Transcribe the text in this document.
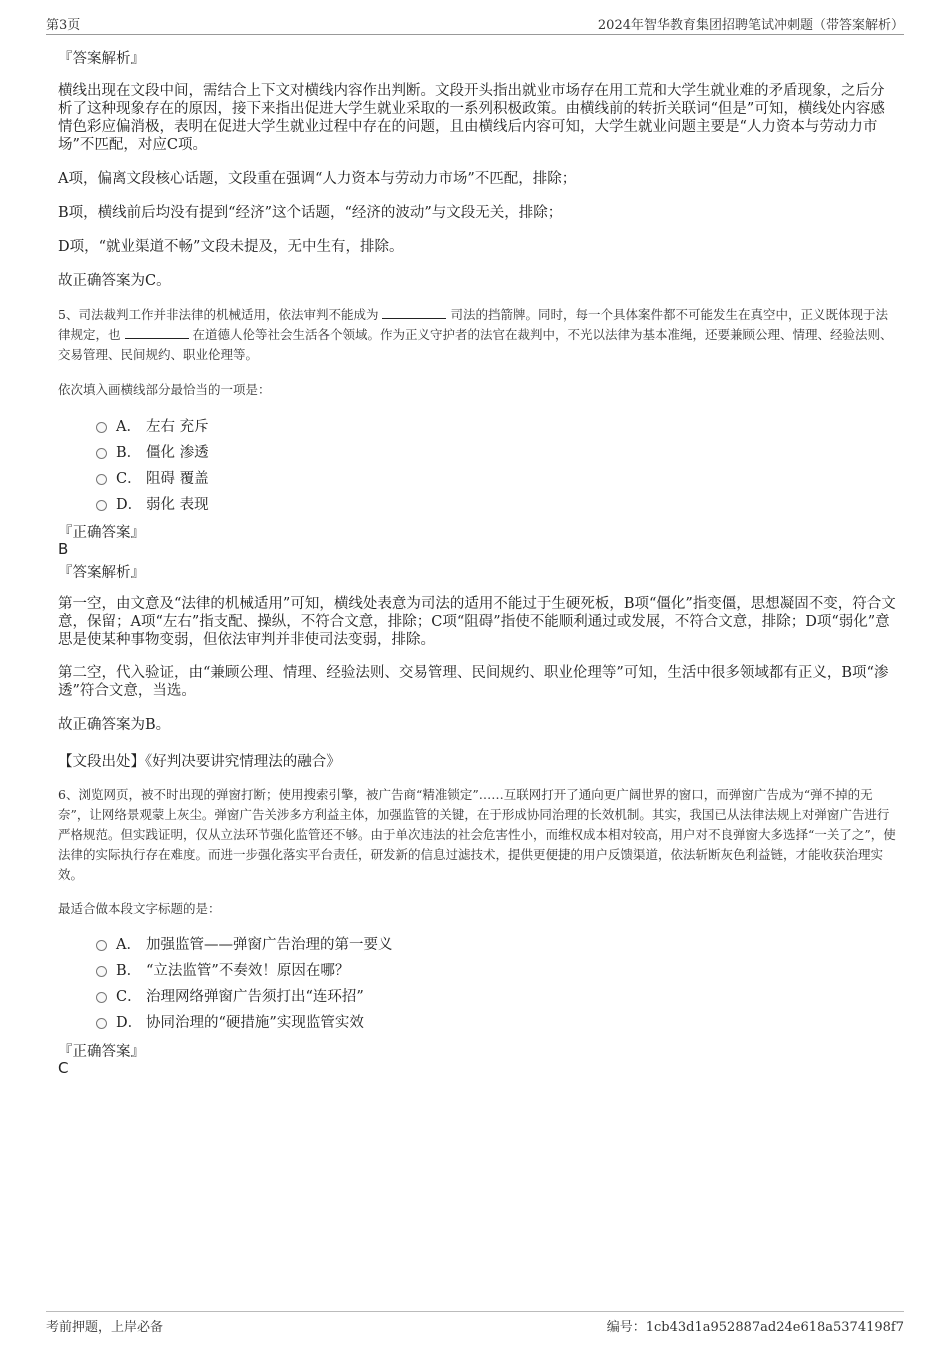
第3页	2024年智华教育集团招聘笔试冲刺题（带答案解析）
『答案解析』
横线出现在文段中间，需结合上下文对横线内容作出判断。文段开头指出就业市场存在用工荒和大学生就业难的矛盾现象，之后分析了这种现象存在的原因，接下来指出促进大学生就业采取的一系列积极政策。由横线前的转折关联词“但是”可知，横线处内容感情色彩应偏消极，表明在促进大学生就业过程中存在的问题，且由横线后内容可知，大学生就业问题主要是“人力资本与劳动力市场”不匹配，对应C项。
A项，偏离文段核心话题，文段重在强调“人力资本与劳动力市场”不匹配，排除；
B项，横线前后均没有提到“经济”这个话题，“经济的波动”与文段无关，排除；
D项，“就业渠道不畅”文段未提及，无中生有，排除。
故正确答案为C。
5、司法裁判工作并非法律的机械适用，依法审判不能成为	司法的挡箭牌。同时，每一个具体案件都不可能发生在真空中，正义既体现于法律规定，也	在道德人伦等社会生活各个领域。作为正义守护者的法官在裁判中，不光以法律为基本准绳，还要兼顾公理、情理、经验法则、交易管理、民间规约、职业伦理等。
依次填入画横线部分最恰当的一项是：
A． 左右 充斥
B． 僵化 渗透
C． 阻碍 覆盖
D． 弱化 表现
『正确答案』
B
『答案解析』
第一空，由文意及“法律的机械适用”可知，横线处表意为司法的适用不能过于生硬死板，B项“僵化”指变僵，思想凝固不变，符合文意，保留；A项“左右”指支配、操纵，不符合文意，排除；C项“阻碍”指使不能顺利通过或发展，不符合文意，排除；D项“弱化”意思是使某种事物变弱，但依法审判并非使司法变弱，排除。
第二空，代入验证，由“兼顾公理、情理、经验法则、交易管理、民间规约、职业伦理等”可知，生活中很多领域都有正义，B项“渗透”符合文意，当选。
故正确答案为B。
【文段出处】《好判决要讲究情理法的融合》
6、浏览网页，被不时出现的弹窗打断；使用搜索引擎，被广告商“精准锁定”……互联网打开了通向更广阔世界的窗口，而弹窗广告成为“弹不掉的无奈”，让网络景观蒙上灰尘。弹窗广告关涉多方利益主体，加强监管的关键，在于形成协同治理的长效机制。其实，我国已从法律法规上对弹窗广告进行严格规范。但实践证明，仅从立法环节强化监管还不够。由于单次违法的社会危害性小，而维权成本相对较高，用户对不良弹窗大多选择“一关了之”，使法律的实际执行存在难度。而进一步强化落实平台责任，研发新的信息过滤技术，提供更便捷的用户反馈渠道，依法斩断灰色利益链，才能收获治理实效。
最适合做本段文字标题的是：
A． 加强监管——弹窗广告治理的第一要义
B． “立法监管”不奏效！原因在哪？
C． 治理网络弹窗广告须打出“连环招”
D． 协同治理的“硬措施”实现监管实效
『正确答案』
C
考前押题，上岸必备	编号：1cb43d1a952887ad24e618a5374198f7
